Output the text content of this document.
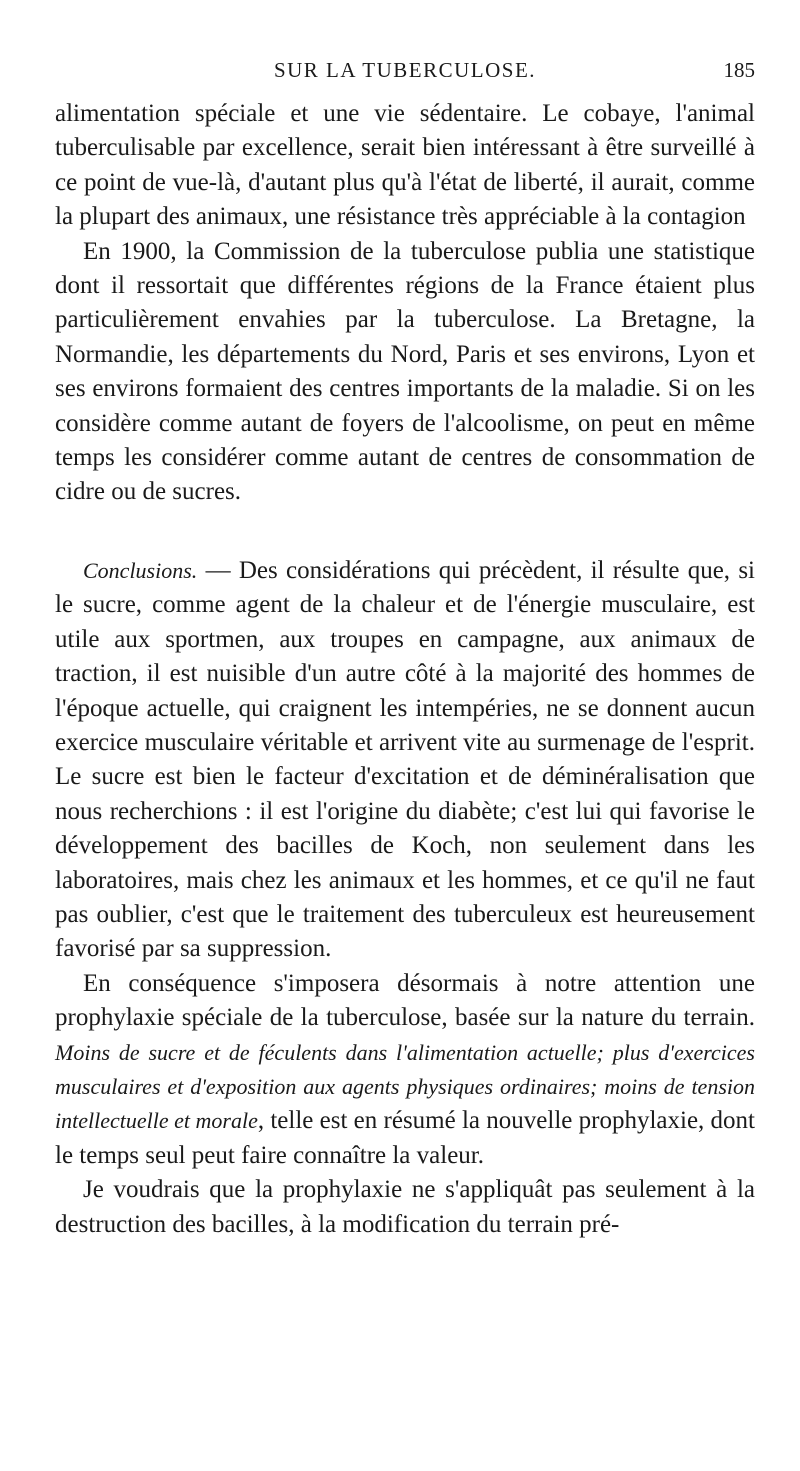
SUR LA TUBERCULOSE.	185

alimentation spéciale et une vie sédentaire. Le cobaye, l'animal tuberculisable par excellence, serait bien intéressant à être surveillé à ce point de vue-là, d'autant plus qu'à l'état de liberté, il aurait, comme la plupart des animaux, une résistance très appréciable à la contagion

En 1900, la Commission de la tuberculose publia une statistique dont il ressortait que différentes régions de la France étaient plus particulièrement envahies par la tuberculose. La Bretagne, la Normandie, les départements du Nord, Paris et ses environs, Lyon et ses environs formaient des centres importants de la maladie. Si on les considère comme autant de foyers de l'alcoolisme, on peut en même temps les considérer comme autant de centres de consommation de cidre ou de sucres.

Conclusions. — Des considérations qui précèdent, il résulte que, si le sucre, comme agent de la chaleur et de l'énergie musculaire, est utile aux sportmen, aux troupes en campagne, aux animaux de traction, il est nuisible d'un autre côté à la majorité des hommes de l'époque actuelle, qui craignent les intempéries, ne se donnent aucun exercice musculaire véritable et arrivent vite au surmenage de l'esprit. Le sucre est bien le facteur d'excitation et de déminéralisation que nous recherchions : il est l'origine du diabète; c'est lui qui favorise le développement des bacilles de Koch, non seulement dans les laboratoires, mais chez les animaux et les hommes, et ce qu'il ne faut pas oublier, c'est que le traitement des tuberculeux est heureusement favorisé par sa suppression.

En conséquence s'imposera désormais à notre attention une prophylaxie spéciale de la tuberculose, basée sur la nature du terrain. Moins de sucre et de féculents dans l'alimentation actuelle; plus d'exercices musculaires et d'exposition aux agents physiques ordinaires; moins de tension intellectuelle et morale, telle est en résumé la nouvelle prophylaxie, dont le temps seul peut faire connaître la valeur.

Je voudrais que la prophylaxie ne s'appliquât pas seulement à la destruction des bacilles, à la modification du terrain pré-
